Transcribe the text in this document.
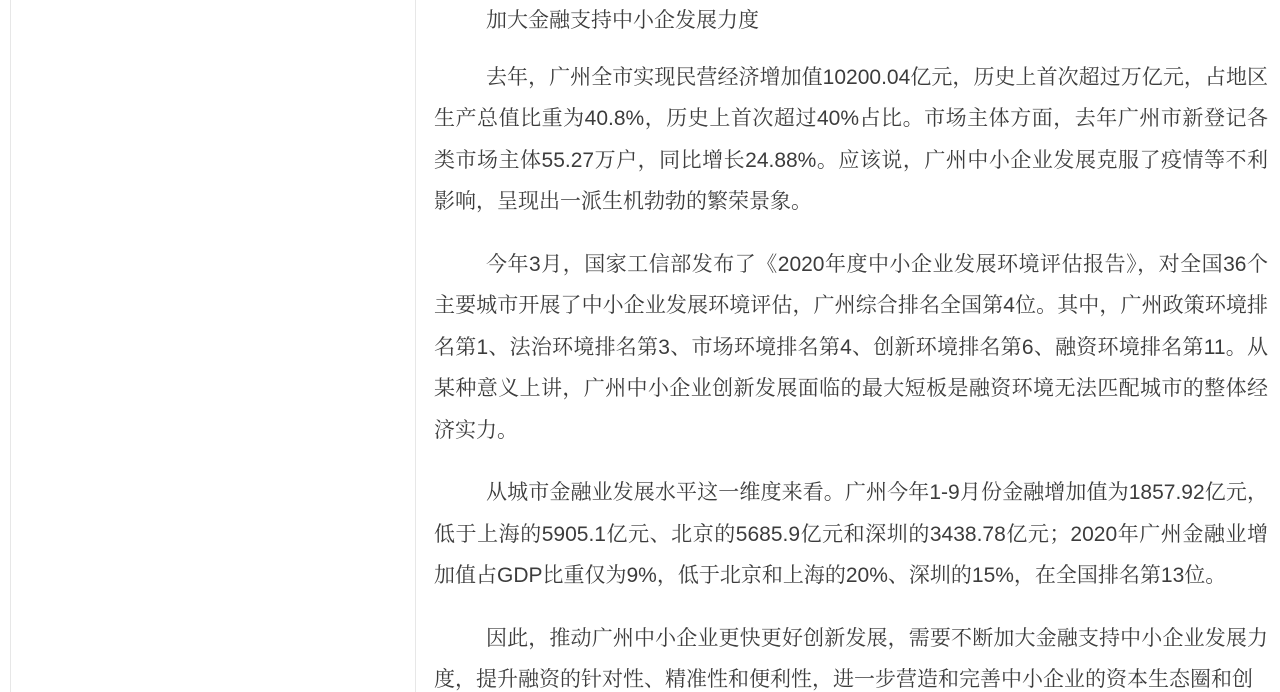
加大金融支持中小企发展力度

去年，广州全市实现民营经济增加值10200.04亿元，历史上首次超过万亿元，占地区生产总值比重为40.8%，历史上首次超过40%占比。市场主体方面，去年广州市新登记各类市场主体55.27万户，同比增长24.88%。应该说，广州中小企业发展克服了疫情等不利影响，呈现出一派生机勃勃的繁荣景象。

今年3月，国家工信部发布了《2020年度中小企业发展环境评估报告》，对全国36个主要城市开展了中小企业发展环境评估，广州综合排名全国第4位。其中，广州政策环境排名第1、法治环境排名第3、市场环境排名第4、创新环境排名第6、融资环境排名第11。从某种意义上讲，广州中小企业创新发展面临的最大短板是融资环境无法匹配城市的整体经济实力。

从城市金融业发展水平这一维度来看。广州今年1-9月份金融增加值为1857.92亿元，低于上海的5905.1亿元、北京的5685.9亿元和深圳的3438.78亿元；2020年广州金融业增加值占GDP比重仅为9%，低于北京和上海的20%、深圳的15%，在全国排名第13位。

因此，推动广州中小企业更快更好创新发展，需要不断加大金融支持中小企业发展力度，提升融资的针对性、精准性和便利性，进一步营造和完善中小企业的资本生态圈和创
